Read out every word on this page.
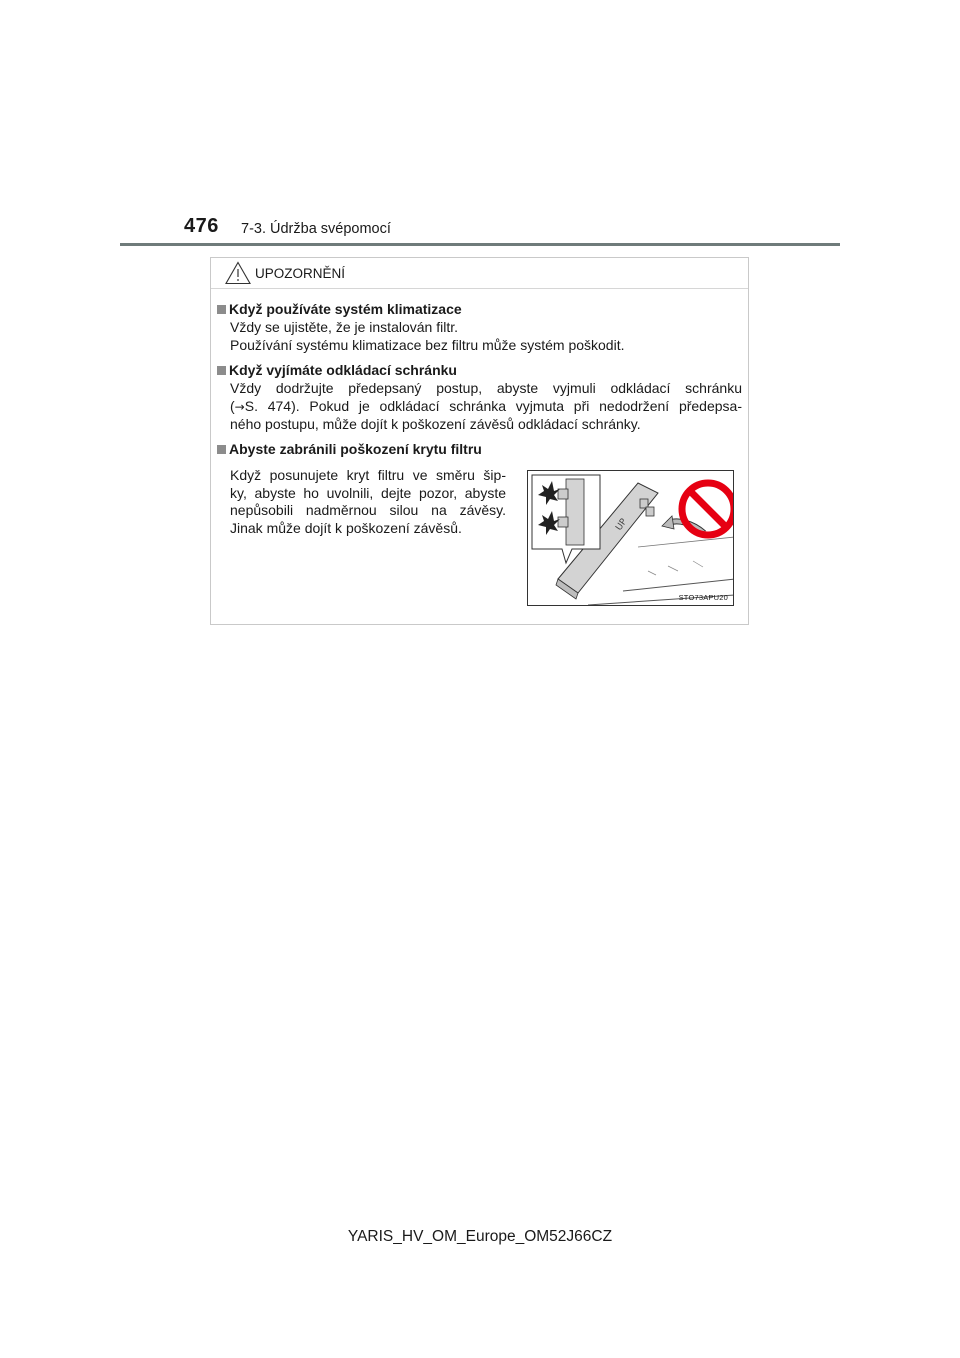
476 7-3. Údržba svépomocí
UPOZORNĚNÍ
Když používáte systém klimatizace
Vždy se ujistěte, že je instalován filtr.
Používání systému klimatizace bez filtru může systém poškodit.
Když vyjímáte odkládací schránku
Vždy dodržujte předepsaný postup, abyste vyjmuli odkládací schránku
(→S. 474). Pokud je odkládací schránka vyjmuta při nedodržení předepsa-
ného postupu, může dojít k poškození závěsů odkládací schránky.
Abyste zabránili poškození krytu filtru
Když posunujete kryt filtru ve směru šip-
ky, abyste ho uvolnili, dejte pozor, abyste
nepůsobili nadměrnou silou na závěsy.
Jinak může dojít k poškození závěsů.	UP
STO73APU20
YARIS_HV_OM_Europe_OM52J66CZ
